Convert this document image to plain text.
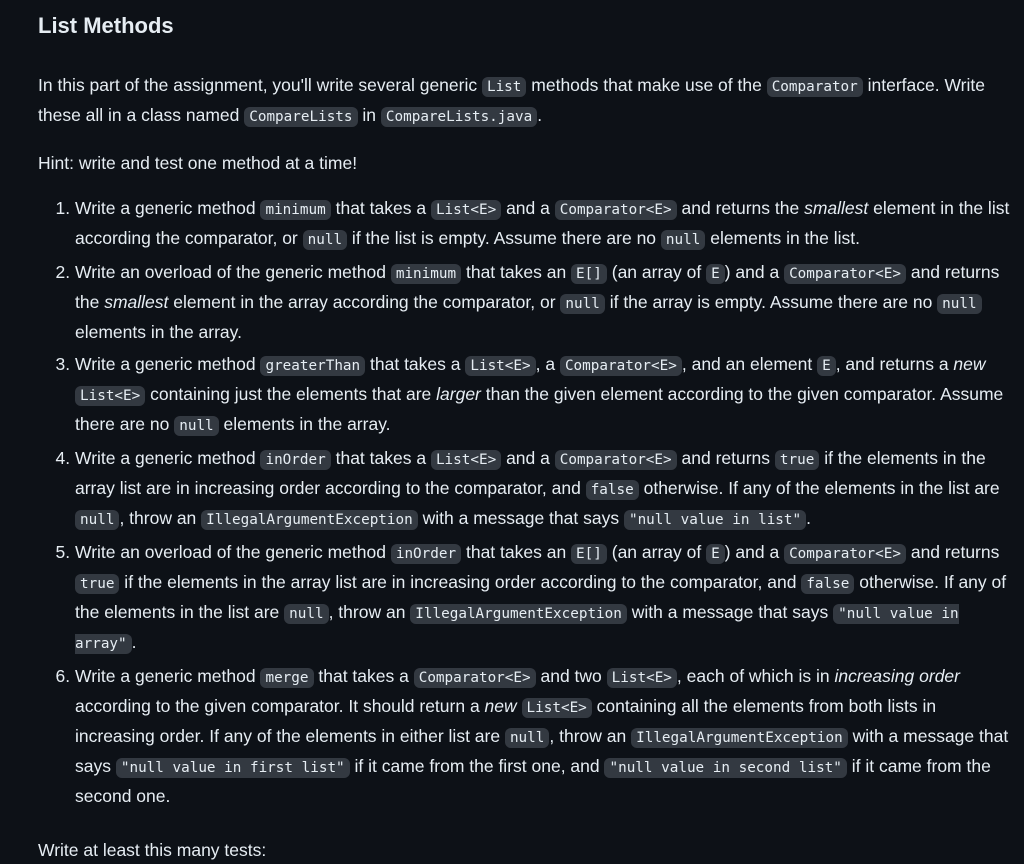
List Methods

In this part of the assignment, you'll write several generic List methods that make use of the Comparator interface. Write these all in a class named CompareLists in CompareLists.java .

Hint: write and test one method at a time!

1. Write a generic method minimum that takes a List<E> and a Comparator<E> and returns the smallest element in the list according the comparator, or null if the list is empty. Assume there are no null elements in the list.
2. Write an overload of the generic method minimum that takes an E[] (an array of E ) and a Comparator<E> and returns the smallest element in the array according the comparator, or null if the array is empty. Assume there are no null elements in the array.
3. Write a generic method greaterThan that takes a List<E> , a Comparator<E> , and an element E , and returns a new List<E> containing just the elements that are larger than the given element according to the given comparator. Assume there are no null elements in the array.
4. Write a generic method inOrder that takes a List<E> and a Comparator<E> and returns true if the elements in the array list are in increasing order according to the comparator, and false otherwise. If any of the elements in the list are null , throw an IllegalArgumentException with a message that says "null value in list" .
5. Write an overload of the generic method inOrder that takes an E[] (an array of E ) and a Comparator<E> and returns true if the elements in the array list are in increasing order according to the comparator, and false otherwise. If any of the elements in the list are null , throw an IllegalArgumentException with a message that says "null value in array" .
6. Write a generic method merge that takes a Comparator<E> and two List<E> , each of which is in increasing order according to the given comparator. It should return a new List<E> containing all the elements from both lists in increasing order. If any of the elements in either list are null , throw an IllegalArgumentException with a message that says "null value in first list" if it came from the first one, and "null value in second list" if it came from the second one.
Write at least this many tests:
